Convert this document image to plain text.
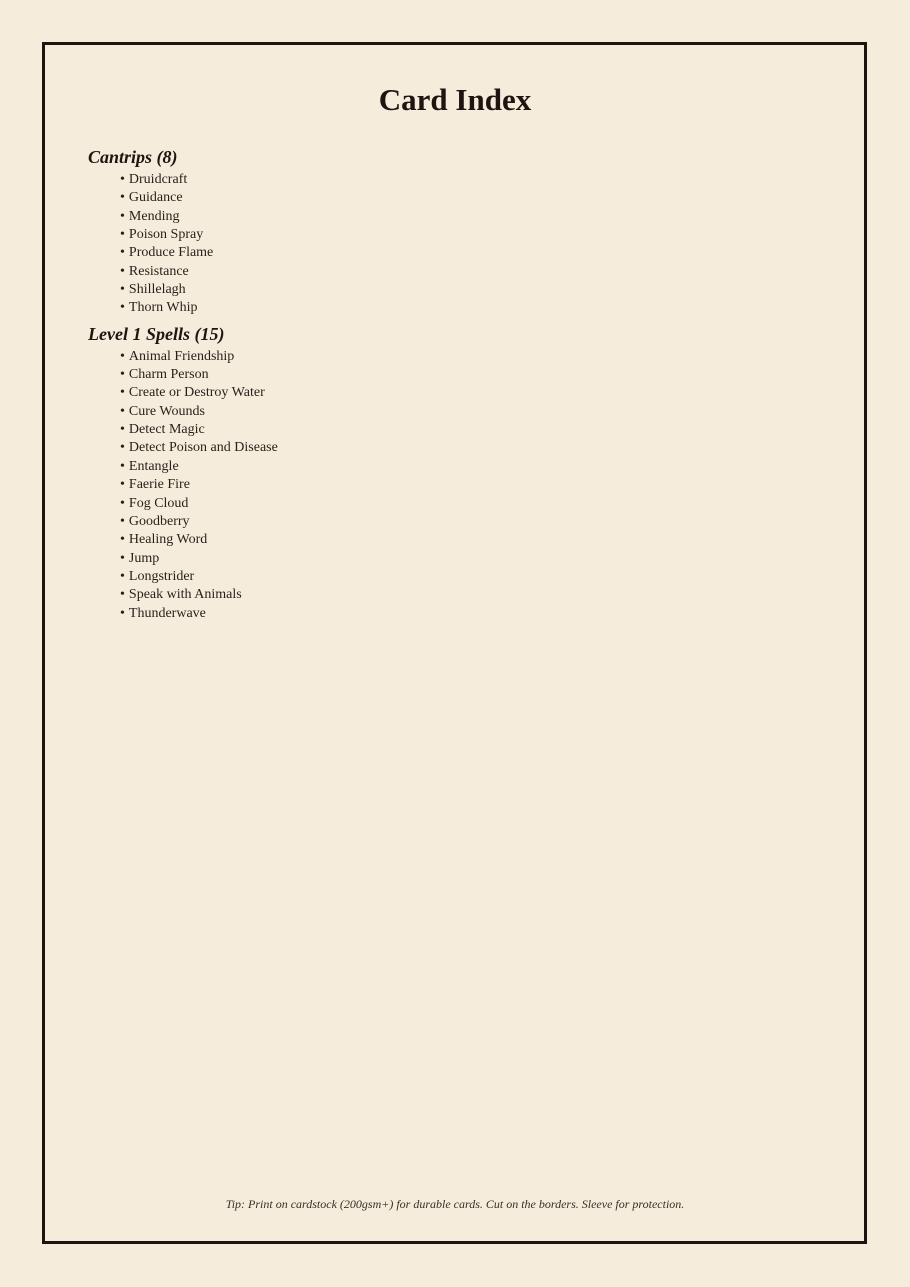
Card Index
Cantrips (8)
• Druidcraft
• Guidance
• Mending
• Poison Spray
• Produce Flame
• Resistance
• Shillelagh
• Thorn Whip
Level 1 Spells (15)
• Animal Friendship
• Charm Person
• Create or Destroy Water
• Cure Wounds
• Detect Magic
• Detect Poison and Disease
• Entangle
• Faerie Fire
• Fog Cloud
• Goodberry
• Healing Word
• Jump
• Longstrider
• Speak with Animals
• Thunderwave

Tip: Print on cardstock (200gsm+) for durable cards. Cut on the borders. Sleeve for protection.
